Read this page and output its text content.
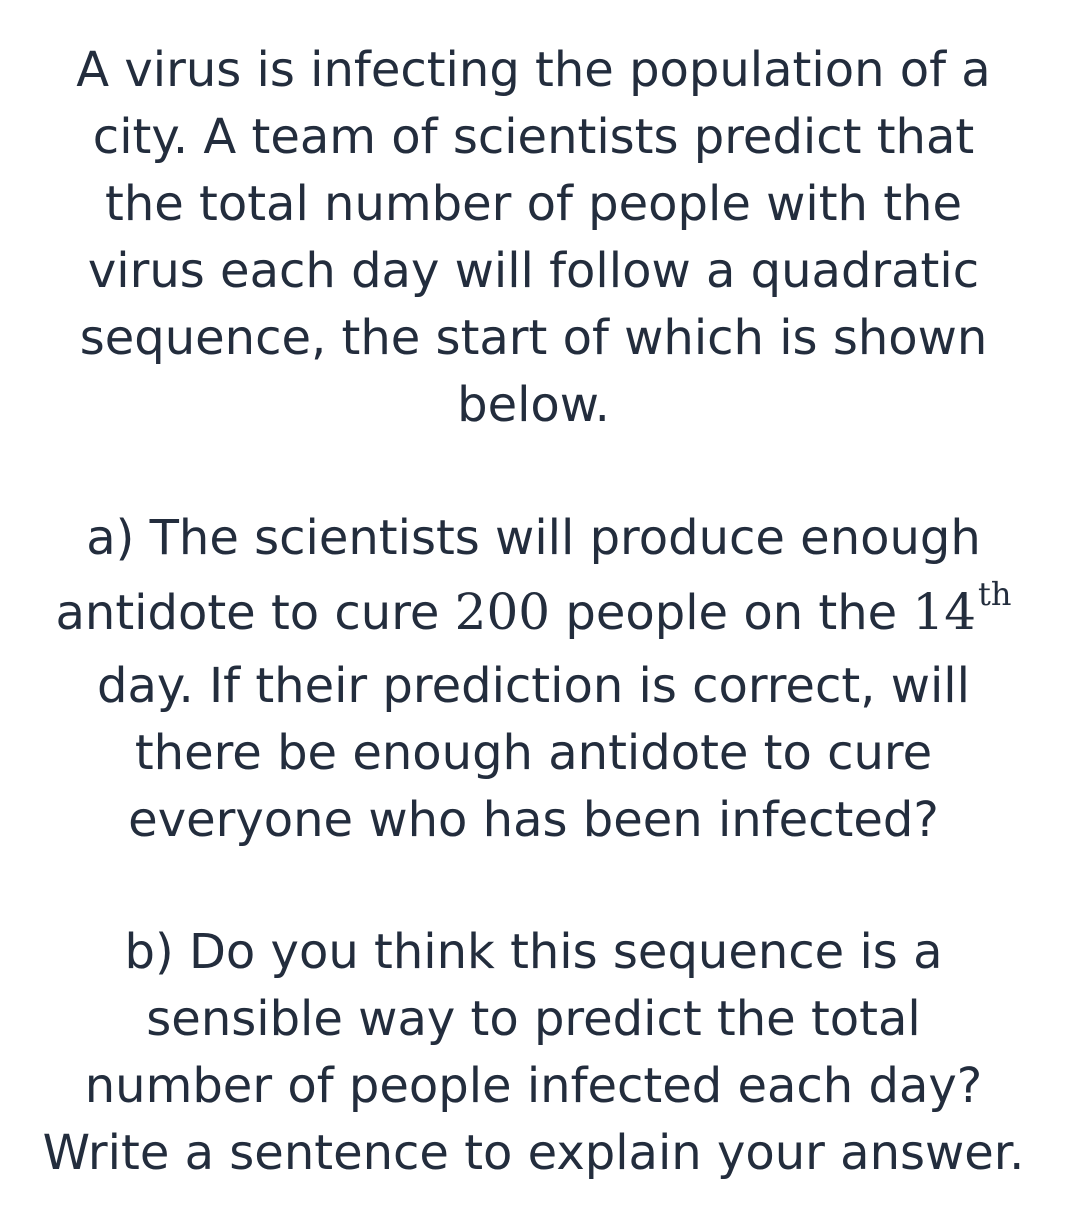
A virus is infecting the population of a
city. A team of scientists predict that
the total number of people with the
virus each day will follow a quadratic
sequence, the start of which is shown
below.
a) The scientists will produce enough
antidote to cure 200 people on the 14th
day. If their prediction is correct, will
there be enough antidote to cure
everyone who has been infected?
b) Do you think this sequence is a
sensible way to predict the total
number of people infected each day?
Write a sentence to explain your answer.
